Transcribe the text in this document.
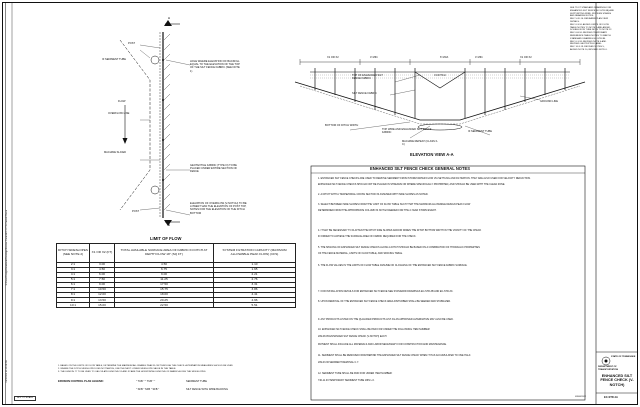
S:\Road Design\Standards\Drawings\Erosion Control\EC-07TN-Vnotch Check
11/3/2024 10:12:08 PM
NOT TO SCALE
A
A
POST
IF SEDIMENT TUBE
HOLE WHERE ELEVATION OF BACKFILL EQUAL TO THE ELEVATION OF THE TOP OF THE SILT FENCE FABRIC (SEE NOTE 1)
OVERFLOW LINE
FLOW
MACHINE SLICED
GEOTEXTILE FABRIC (TYPE III) TO BE PLACED UNDER ENTIRE SECTION OF FENCE
ELEVATION OF OVERFLOW (V-NOTCH) TO BE LOWER THAN THE ELEVATION OF POST TOP, NOTES FOR THE ELEVATION OF THE DITCH BOTTOM
POST
X1 OR X2	4' MIN.	6' MAX.	4' MIN.	X1 OR X2
TOP OF ENHANCED SILT FENCE FABRIC
SILT FENCE FABRIC
BOTTOM OF DITCH WIDTH
V-NOTCH
TOP WIRE AND ENHANCED SILT FENCE FABRIC
MACHINE REPEAT (CLASS II-C)
IF SEDIMENT TUBE
GROUND LINE
ELEVATION VIEW A-A
SEE TDOT STANDARD DRAWINGS FOR
ENHANCED SILT FENCE (EC-STR-3B) AND
SUPPORTING WIRE, WOODEN STAKES
AND BEARING NOTES.
REV. 5-20-16: REDRAWN PLAN VIEW
DETAILS.
REV. 6-3-16: ADDED LIMITS OF FLOW
TABLE NOTES TO NOTE 2 AND ADDED
DOUBLE ROW TUBE NOTE TO NOTE 12.
REV. 6-8-16: REVISED TEMPORARY
REFERENCE TABLE NOTES TO MATCH
STANDARD DRAWING EC-STR-3B.
REV. 6-1-18: REVISED NOTE 4 AND
REVISED GEOTEXTILE LABEL.
REV. 10-3-19: REVISED NOTES 5,
ADDED NOTE 10, REVISED NOTE 6.
LIMIT OF FLOW
DITCH SIDESLOPES (SEE NOTE 2)	X1 OR X2 (FT)	TOTAL AVAILABLE SURFACE AREA OF FABRIC IN DITCH AT DEPTH FLOW 18" (SQ FT)	SYSTEM FILTRATION CAPACITY (MAXIMUM ALLOWABLE PEAK FLOW) (CFS)
2:1	3.00	4.50	1.10
3:1	4.50	6.75	1.65
4:1	6.00	9.00	2.21
5:1	7.50	11.25	2.76
6:1	9.00	17.50	3.31
7:1	10.50	15.75	3.86
8:1	12.00	18.00	4.41
9:1	13.50	20.25	4.96
10:1	15.00	22.50	5.51
1. BASED ON THE LIMITS OF FLOW TABLE, DETERMINE THE MAXIMUM ALLOWABLE PEAK FLOW THROUGH THE CHECK. ALTERNATIVE MEASURES SHOULD BE USED
2. WHERE THE DITCH SIDESLOPE DOES NOT MATCH, USE THE NEXT LOWER SIDESLOPE VALUE IN THE TABLE.
3. THE LENGTH 'X' TO BE USED TO CALCULATE LENGTHS X1 AND X2 ARE THE HORIZONTAL LENGTHS OF FABRIC ALONG THE SIDESLOPES.
EROSION CONTROL PLAN LEGEND:	" TUB " " TUB " "	SEDIMENT TUBE
" SFB " SFB " SFB "	SILT FENCE WITH WIRE BACKING
ENHANCED SILT FENCE CHECK GENERAL NOTES
1. ENHANCED SILT FENCE CHECKS ARE USED TO REMOVE SEDIMENT FROM STORM WATER FLOW VIA SETTLING AND FILTRATION. THEY ARE ALSO USED FOR VELOCITY REDUCTION.
ENHANCED SILT FENCE CHECKS SHOULD NOT BE PLACED IN STREAMS OR WHERE SPECIFICALLY PROHIBITED, AND SHOULD BE USED WITH THE CLEAN ZONE.
2. A DITCH WITH A TRAPEZOIDAL CROSS SECTION IS ASSUMED WITH SIDE SLOPES AS NOTED.
3. SELECT BETWEEN SIDE SLOPES FROM THE 'LIMIT OF FLOW' TABLE SUCH THAT THE MAXIMUM ALLOWABLE DESIGN PEAK FLOW
DETERMINED FROM THE APPROPRIATE COLUMN IS NOT EXCEEDED FOR THE 2-YEAR STORM EVENT.
4. IT MAY BE NECESSARY TO FLATTEN THE DITCH SIDE SLOPES AND/OR WIDEN THE DITCH BOTTOM WIDTH IN THE VICINITY OF THE CHECK
IN ORDER TO ACHIEVE THE SURFACE AREA OF FABRIC REQUIRED FOR THE CHECK.
5. THE SPACING OF ENHANCED SILT FENCE CHECKS ALONG A DITCH SHOULD BE BASED ON A COMBINATION OF HYDRAULIC PROPERTIES
OF THE FENCE MATERIAL, LIMITS OF FLOW TABLE, AND SPACING TABLE.
6. THE FLOW VALUES IN THE LIMITS OF FLOW TABLE ASSUME NO CLOGGING OF THE ENHANCED SILT FENCE FABRIC SURFACE.
7. FOR INSTALLATION DETAILS FOR ENHANCED SILT FENCE SEE STANDARD DRAWINGS EC-STR-3B AND EC-STR-3C.
8. UPON REMOVAL OF THE ENHANCED SILT FENCE CHECK AREA DISTURBED SHALL BE SEEDED AND STABILIZED.
9. ANY PRODUCTS LISTED ON THE QUALIFIED PRODUCTS LIST AS AN APPROVED ALTERNATIVE MAY ALSO BE USED.
10. ENHANCED SILT FENCE CHECK SHALL BE PAID FOR UNDER THE FOLLOWING ITEM NUMBER:
209-08.05 ENHANCED SILT FENCE CHECK (V-NOTCH) EACH
PAYMENT SHALL INCLUDE ALL MATERIALS AND LABOR NECESSARY FOR CONSTRUCTION AND MAINTENANCE.
11. SEDIMENT SHALL BE REMOVED FROM BEHIND THE ENHANCED SILT FENCE CHECK WHEN IT HAS ACCUMULATED TO ONE HALF.
209-03.36 SEDIMENT REMOVAL C.Y.
12. SEDIMENT TUBE SHALL BE PAID FOR UNDER ITEM NUMBER:
740-11.03 TEMPORARY SEDIMENT TUBE 18IN L.F.
STATE OF TENNESSEE
DEPARTMENT OF TRANSPORTATION
ENHANCED SILT FENCE CHECK (V-NOTCH)
09/08/2022	EC-STR-4A
